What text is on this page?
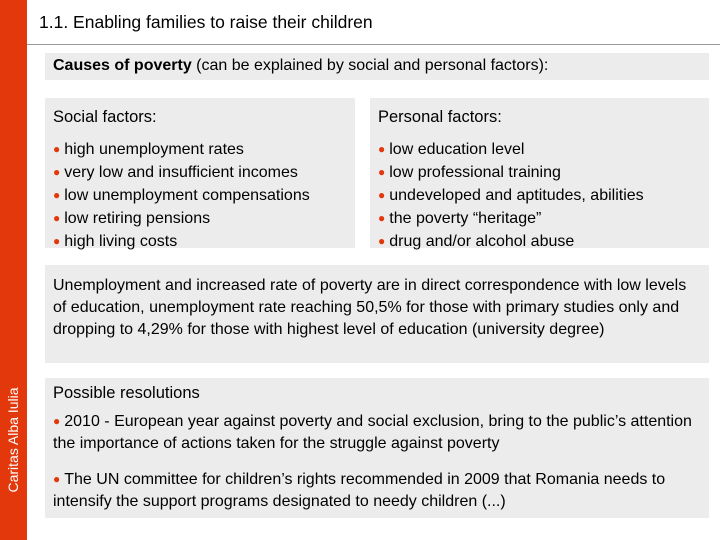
Caritas Alba Iulia
1.1. Enabling families to raise their children
Causes of poverty (can be explained by social and personal factors):
Social factors:
● high unemployment rates
● very low and insufficient incomes
● low unemployment compensations
● low retiring pensions
● high living costs
Personal factors:
● low education level
● low professional training
● undeveloped and aptitudes, abilities
● the poverty “heritage”
● drug and/or alcohol abuse
Unemployment and increased rate of poverty are in direct correspondence with low levels of education, unemployment rate reaching 50,5% for those with primary studies only and dropping to 4,29% for those with highest level of education (university degree)
Possible resolutions
● 2010 - European year against poverty and social exclusion, bring to the public’s attention the importance of actions taken for the struggle against poverty
● The UN committee for children’s rights recommended in 2009 that Romania needs to intensify the support programs designated to needy children (...)
